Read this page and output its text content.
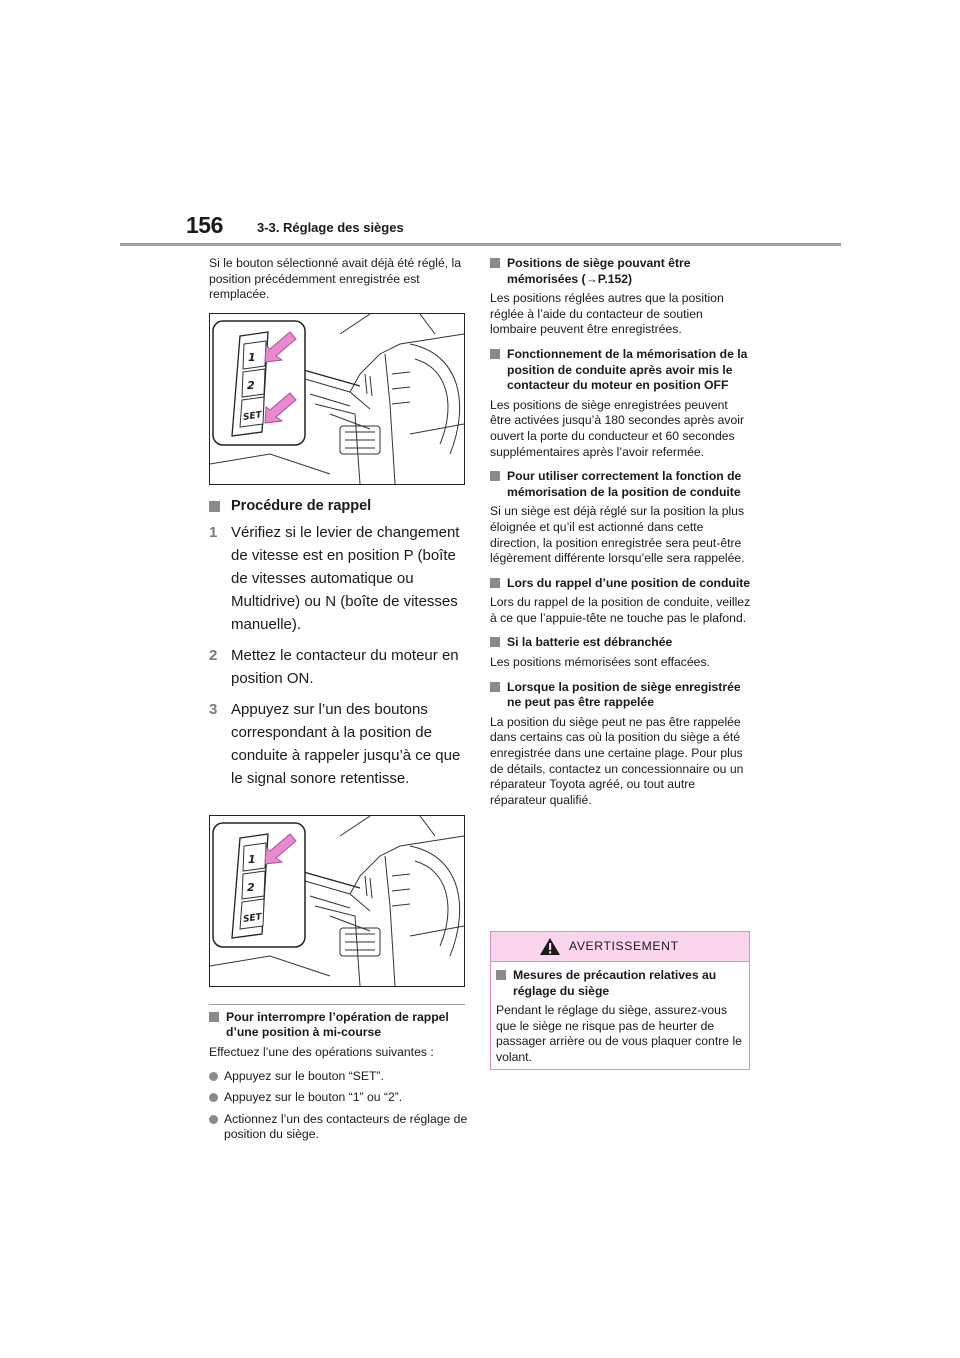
156	3-3. Réglage des sièges

Si le bouton sélectionné avait déjà été réglé, la position précédemment enregistrée est remplacée.

1
2
SET

Procédure de rappel

1 Vérifiez si le levier de changement de vitesse est en position P (boîte de vitesses automatique ou Multidrive) ou N (boîte de vitesses manuelle).

2 Mettez le contacteur du moteur en position ON.

3 Appuyez sur l’un des boutons correspondant à la position de conduite à rappeler jusqu’à ce que le signal sonore retentisse.

1
2
SET

Pour interrompre l’opération de rappel d’une position à mi-course

Effectuez l’une des opérations suivantes :

Appuyez sur le bouton “SET”.

Appuyez sur le bouton “1” ou “2”.

Actionnez l’un des contacteurs de réglage de position du siège.

Positions de siège pouvant être mémorisées (→P.152)

Les positions réglées autres que la position réglée à l’aide du contacteur de soutien lombaire peuvent être enregistrées.

Fonctionnement de la mémorisation de la position de conduite après avoir mis le contacteur du moteur en position OFF

Les positions de siège enregistrées peuvent être activées jusqu’à 180 secondes après avoir ouvert la porte du conducteur et 60 secondes supplémentaires après l’avoir refermée.

Pour utiliser correctement la fonction de mémorisation de la position de conduite

Si un siège est déjà réglé sur la position la plus éloignée et qu’il est actionné dans cette direction, la position enregistrée sera peut-être légèrement différente lorsqu’elle sera rappelée.

Lors du rappel d’une position de conduite

Lors du rappel de la position de conduite, veillez à ce que l’appuie-tête ne touche pas le plafond.

Si la batterie est débranchée

Les positions mémorisées sont effacées.

Lorsque la position de siège enregistrée ne peut pas être rappelée

La position du siège peut ne pas être rappelée dans certains cas où la position du siège a été enregistrée dans une certaine plage. Pour plus de détails, contactez un concessionnaire ou un réparateur Toyota agréé, ou tout autre réparateur qualifié.

AVERTISSEMENT

Mesures de précaution relatives au réglage du siège

Pendant le réglage du siège, assurez-vous que le siège ne risque pas de heurter de passager arrière ou de vous plaquer contre le volant.
